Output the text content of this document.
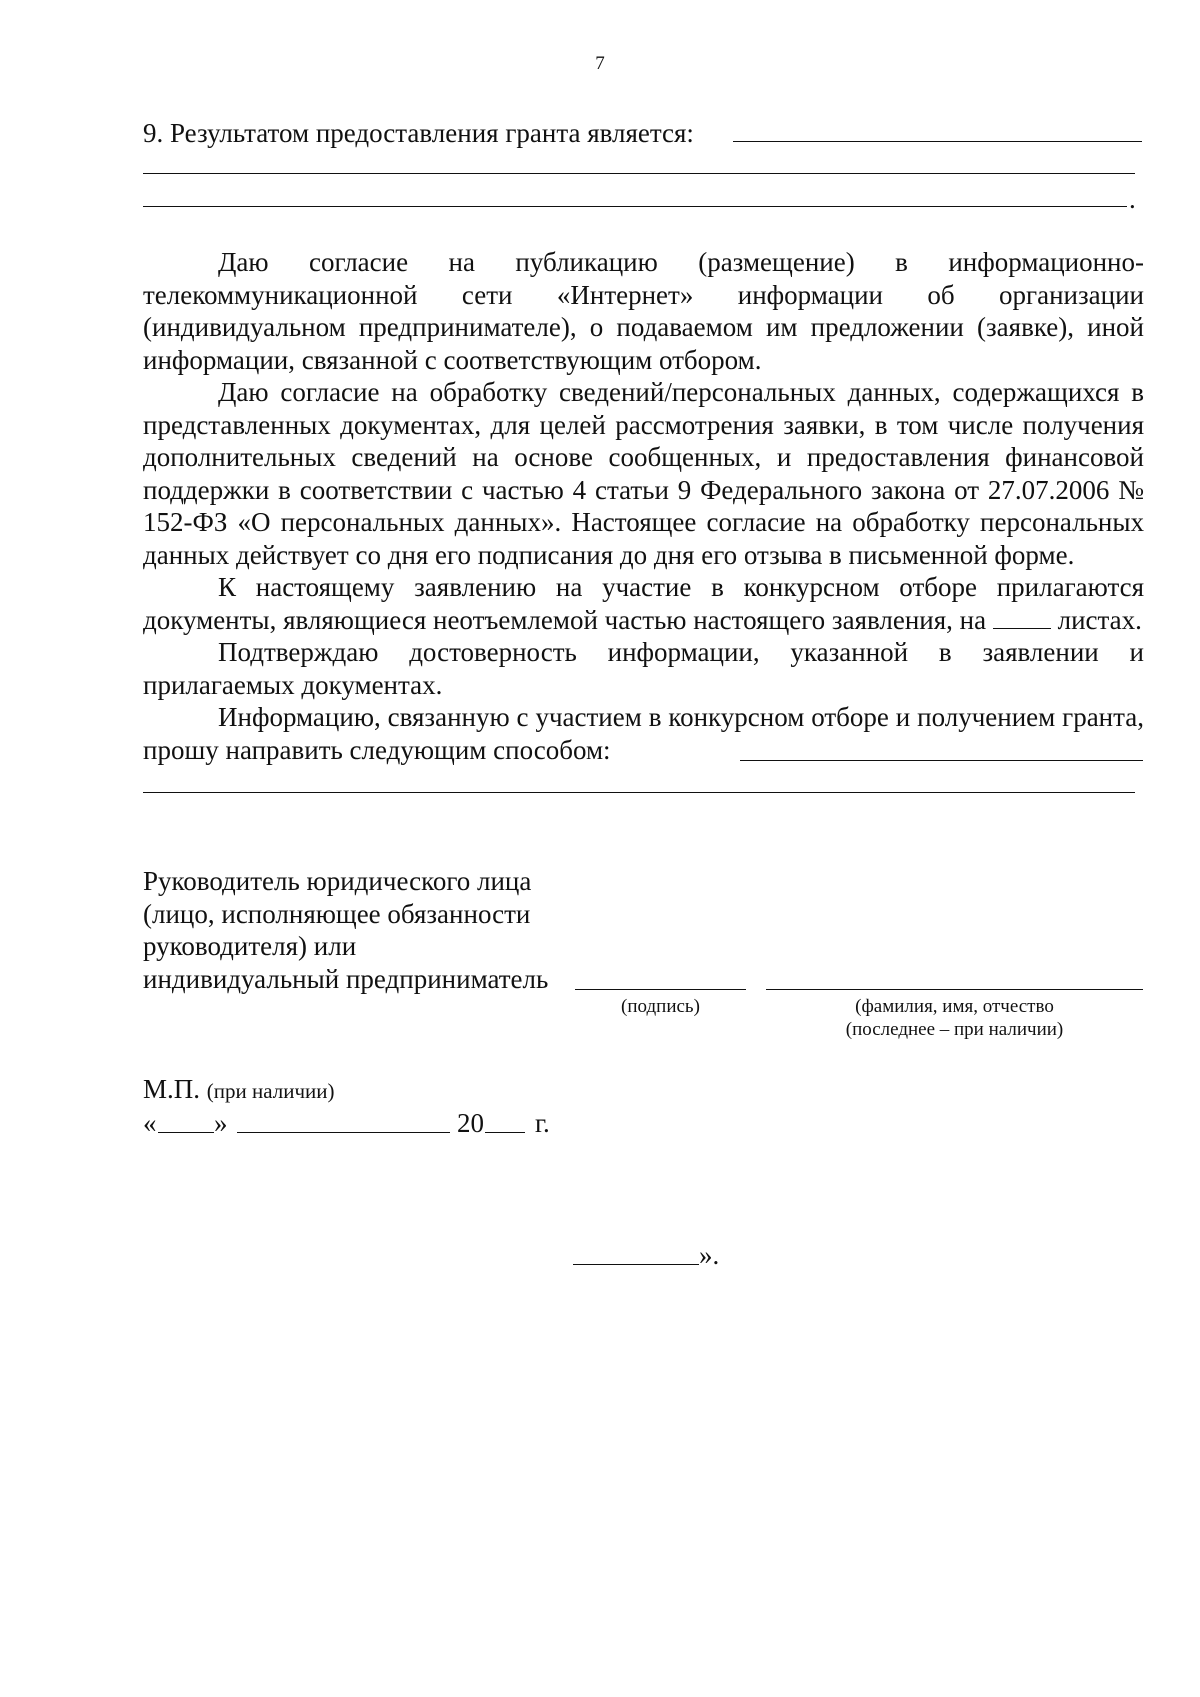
7
9. Результатом предоставления гранта является:
.
Даю согласие на публикацию (размещение) в информационно-телекоммуникационной сети «Интернет» информации об организации (индивидуальном предпринимателе), о подаваемом им предложении (заявке), иной информации, связанной с соответствующим отбором.
Даю согласие на обработку сведений/персональных данных, содержащихся в представленных документах, для целей рассмотрения заявки, в том числе получения дополнительных сведений на основе сообщенных, и предоставления финансовой поддержки в соответствии с частью 4 статьи 9 Федерального закона от 27.07.2006 № 152-ФЗ «О персональных данных». Настоящее согласие на обработку персональных данных действует со дня его подписания до дня его отзыва в письменной форме.
К настоящему заявлению на участие в конкурсном отборе прилагаются документы, являющиеся неотъемлемой частью настоящего заявления, на	листах.
Подтверждаю достоверность информации, указанной в заявлении и прилагаемых документах.
Информацию, связанную с участием в конкурсном отборе и получением гранта, прошу направить следующим способом:
Руководитель юридического лица
(лицо, исполняющее обязанности
руководителя) или
индивидуальный предприниматель
(подпись)	(фамилия, имя, отчество
(последнее – при наличии)
М.П. (при наличии)
« »	20 г.
».
